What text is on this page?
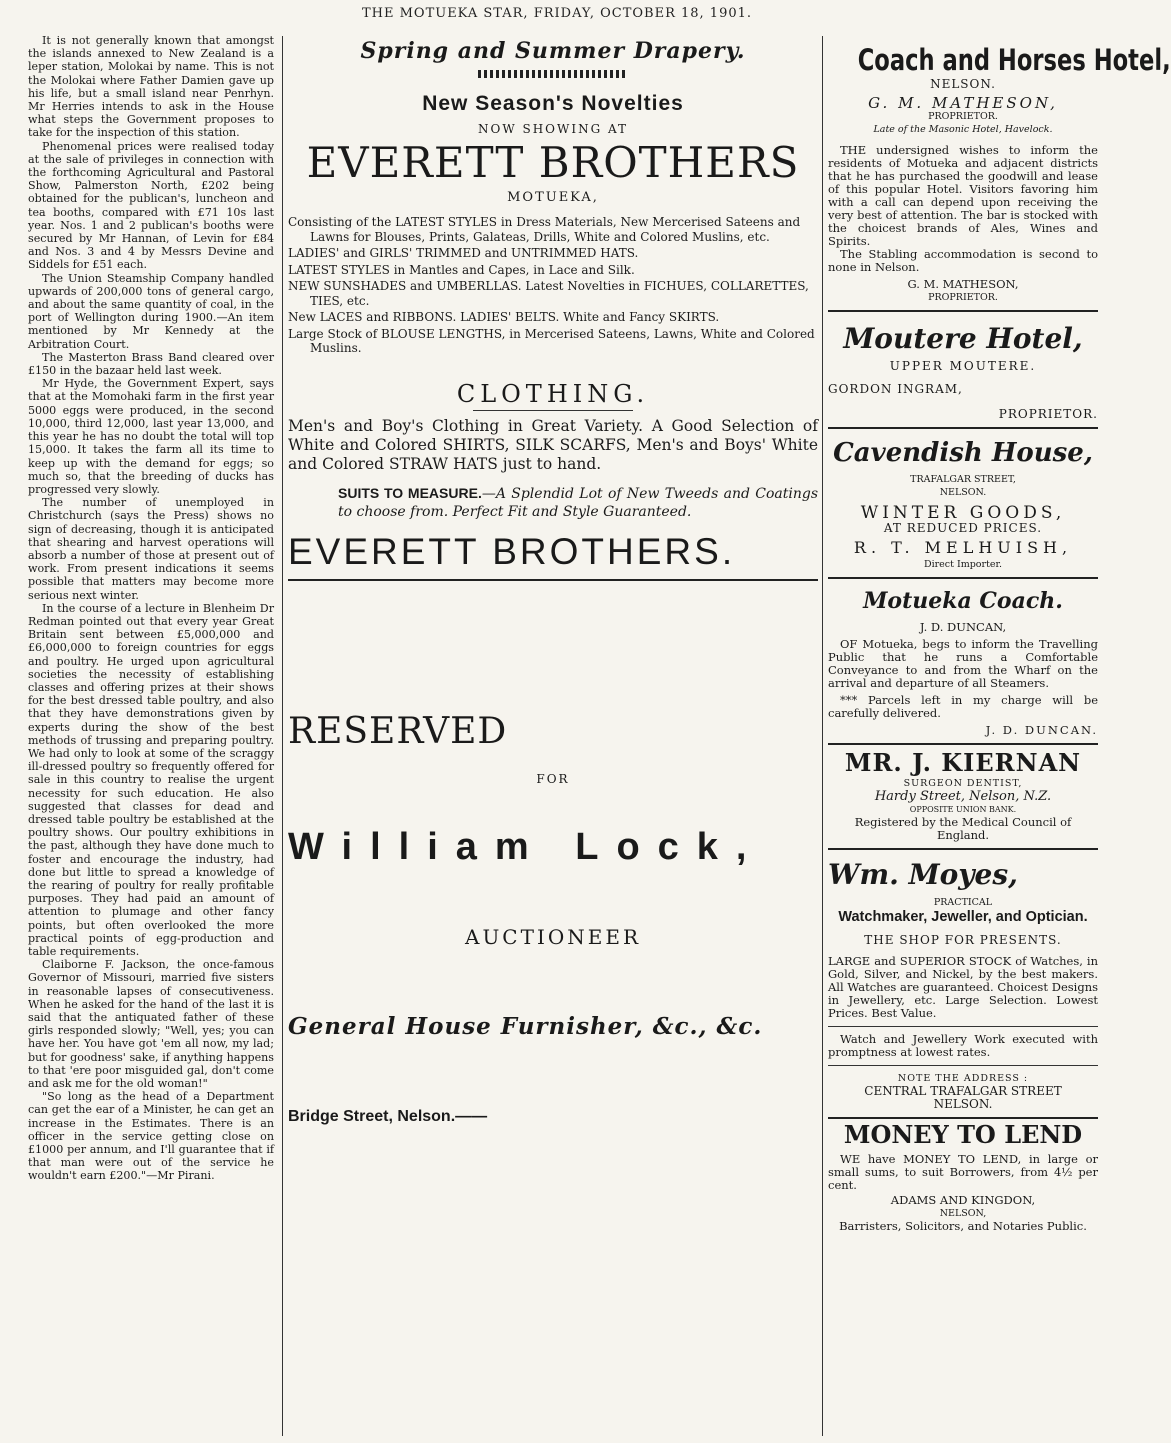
THE MOTUEKA STAR, FRIDAY, OCTOBER 18, 1901.

It is not generally known that amongst the islands annexed to New Zealand is a leper station, Molokai by name. This is not the Molokai where Father Damien gave up his life, but a small island near Penrhyn. Mr Herries intends to ask in the House what steps the Government proposes to take for the inspection of this station.

Phenomenal prices were realised today at the sale of privileges in connection with the forthcoming Agricultural and Pastoral Show, Palmerston North, £202 being obtained for the publican's, luncheon and tea booths, compared with £71 10s last year. Nos. 1 and 2 publican's booths were secured by Mr Hannan, of Levin for £84 and Nos. 3 and 4 by Messrs Devine and Siddels for £51 each.

The Union Steamship Company handled upwards of 200,000 tons of general cargo, and about the same quantity of coal, in the port of Wellington during 1900.—An item mentioned by Mr Kennedy at the Arbitration Court.

The Masterton Brass Band cleared over £150 in the bazaar held last week.

Mr Hyde, the Government Expert, says that at the Momohaki farm in the first year 5000 eggs were produced, in the second 10,000, third 12,000, last year 13,000, and this year he has no doubt the total will top 15,000. It takes the farm all its time to keep up with the demand for eggs; so much so, that the breeding of ducks has progressed very slowly.

The number of unemployed in Christchurch (says the Press) shows no sign of decreasing, though it is anticipated that shearing and harvest operations will absorb a number of those at present out of work. From present indications it seems possible that matters may become more serious next winter.

In the course of a lecture in Blenheim Dr Redman pointed out that every year Great Britain sent between £5,000,000 and £6,000,000 to foreign countries for eggs and poultry. He urged upon agricultural societies the necessity of establishing classes and offering prizes at their shows for the best dressed table poultry, and also that they have demonstrations given by experts during the show of the best methods of trussing and preparing poultry. We had only to look at some of the scraggy ill-dressed poultry so frequently offered for sale in this country to realise the urgent necessity for such education. He also suggested that classes for dead and dressed table poultry be established at the poultry shows. Our poultry exhibitions in the past, although they have done much to foster and encourage the industry, had done but little to spread a knowledge of the rearing of poultry for really profitable purposes. They had paid an amount of attention to plumage and other fancy points, but often overlooked the more practical points of egg-production and table requirements.

Claiborne F. Jackson, the once-famous Governor of Missouri, married five sisters in reasonable lapses of consecutiveness. When he asked for the hand of the last it is said that the antiquated father of these girls responded slowly; "Well, yes; you can have her. You have got 'em all now, my lad; but for goodness' sake, if anything happens to that 'ere poor misguided gal, don't come and ask me for the old woman!"

"So long as the head of a Department can get the ear of a Minister, he can get an increase in the Estimates. There is an officer in the service getting close on £1000 per annum, and I'll guarantee that if that man were out of the service he wouldn't earn £200."—Mr Pirani.

Spring and Summer Drapery.
New Season's Novelties
NOW SHOWING AT
EVERETT BROTHERS
MOTUEKA,
Consisting of the LATEST STYLES in Dress Materials, New Mercerised Sateens and Lawns for Blouses, Prints, Galateas, Drills, White and Colored Muslins, etc.
LADIES' and GIRLS' TRIMMED and UNTRIMMED HATS.
LATEST STYLES in Mantles and Capes, in Lace and Silk.
NEW SUNSHADES and UMBERLLAS. Latest Novelties in FICHUES, COLLARETTES, TIES, etc.
New LACES and RIBBONS. LADIES' BELTS. White and Fancy SKIRTS.
Large Stock of BLOUSE LENGTHS, in Mercerised Sateens, Lawns, White and Colored Muslins.
CLOTHING.
Men's and Boy's Clothing in Great Variety. A Good Selection of White and Colored SHIRTS, SILK SCARFS, Men's and Boys' White and Colored STRAW HATS just to hand.
SUITS TO MEASURE.—A Splendid Lot of New Tweeds and Coatings to choose from. Perfect Fit and Style Guaranteed.
EVERETT BROTHERS.
RESERVED
FOR
William Lock,
AUCTIONEER
General House Furnisher, &c., &c.
Bridge Street, Nelson.——
Coach and Horses Hotel,
NELSON.
G. M. MATHESON,
PROPRIETOR.
Late of the Masonic Hotel, Havelock.

THE undersigned wishes to inform the residents of Motueka and adjacent districts that he has purchased the goodwill and lease of this popular Hotel. Visitors favoring him with a call can depend upon receiving the very best of attention. The bar is stocked with the choicest brands of Ales, Wines and Spirits.

The Stabling accommodation is second to none in Nelson.

G. M. MATHESON,
PROPRIETOR.
Moutere Hotel,
UPPER MOUTERE.
GORDON INGRAM,
PROPRIETOR.
Cavendish House,
TRAFALGAR STREET,
NELSON.
WINTER GOODS,
AT REDUCED PRICES.
R. T. MELHUISH,
Direct Importer.
Motueka Coach.
J. D. DUNCAN,

OF Motueka, begs to inform the Travelling Public that he runs a Comfortable Conveyance to and from the Wharf on the arrival and departure of all Steamers.

*** Parcels left in my charge will be carefully delivered.

J. D. DUNCAN.
MR. J. KIERNAN
SURGEON DENTIST,
Hardy Street, Nelson, N.Z.
OPPOSITE UNION BANK.
Registered by the Medical Council of England.
Wm. Moyes,
PRACTICAL
Watchmaker, Jeweller, and Optician.
THE SHOP FOR PRESENTS.

LARGE and SUPERIOR STOCK of Watches, in Gold, Silver, and Nickel, by the best makers. All Watches are guaranteed. Choicest Designs in Jewellery, etc. Large Selection. Lowest Prices. Best Value.

Watch and Jewellery Work executed with promptness at lowest rates.

NOTE THE ADDRESS :
CENTRAL TRAFALGAR STREET
NELSON.
MONEY TO LEND

WE have MONEY TO LEND, in large or small sums, to suit Borrowers, from 4½ per cent.

ADAMS AND KINGDON,
NELSON,
Barristers, Solicitors, and Notaries Public.
